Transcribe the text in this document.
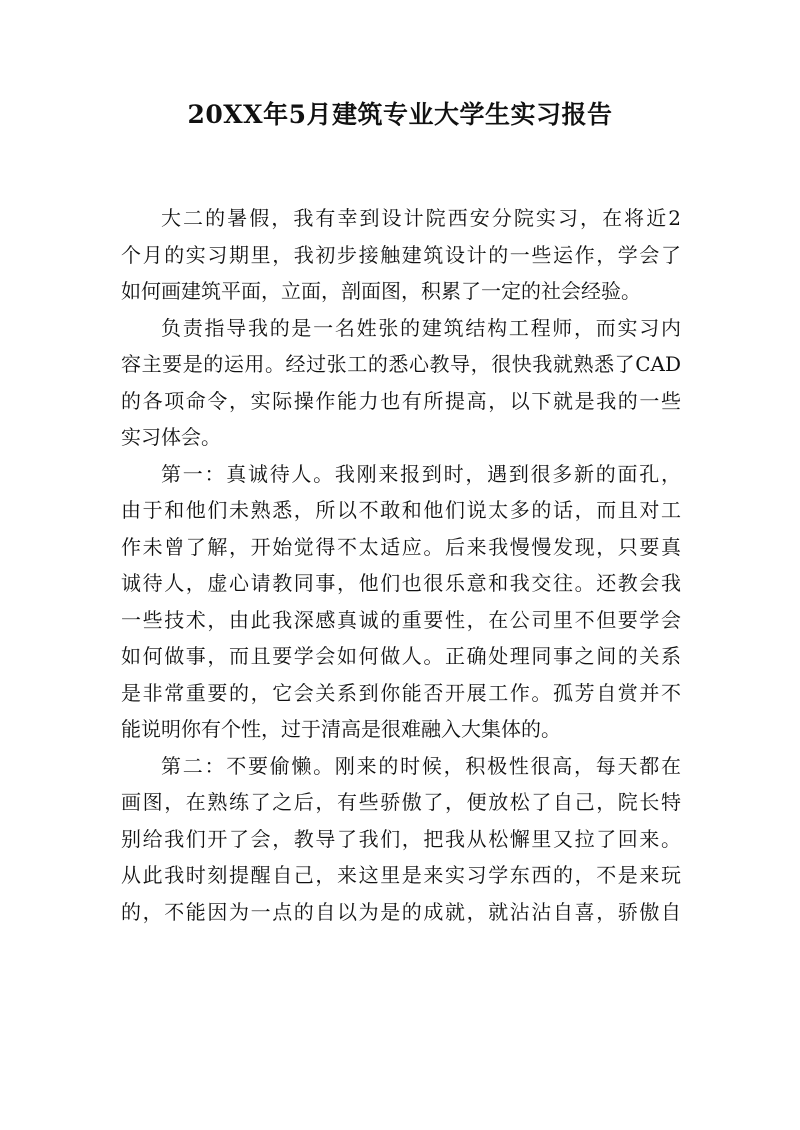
20XX年5月建筑专业大学生实习报告

大二的暑假，我有幸到设计院西安分院实习，在将近2
个月的实习期里，我初步接触建筑设计的一些运作，学会了
如何画建筑平面，立面，剖面图，积累了一定的社会经验。

负责指导我的是一名姓张的建筑结构工程师，而实习内
容主要是的运用。经过张工的悉心教导，很快我就熟悉了CAD
的各项命令，实际操作能力也有所提高，以下就是我的一些
实习体会。

第一：真诚待人。我刚来报到时，遇到很多新的面孔，
由于和他们未熟悉，所以不敢和他们说太多的话，而且对工
作未曾了解，开始觉得不太适应。后来我慢慢发现，只要真
诚待人，虚心请教同事，他们也很乐意和我交往。还教会我
一些技术，由此我深感真诚的重要性，在公司里不但要学会
如何做事，而且要学会如何做人。正确处理同事之间的关系
是非常重要的，它会关系到你能否开展工作。孤芳自赏并不
能说明你有个性，过于清高是很难融入大集体的。

第二：不要偷懒。刚来的时候，积极性很高，每天都在
画图，在熟练了之后，有些骄傲了，便放松了自己，院长特
别给我们开了会，教导了我们，把我从松懈里又拉了回来。
从此我时刻提醒自己，来这里是来实习学东西的，不是来玩
的，不能因为一点的自以为是的成就，就沾沾自喜，骄傲自
